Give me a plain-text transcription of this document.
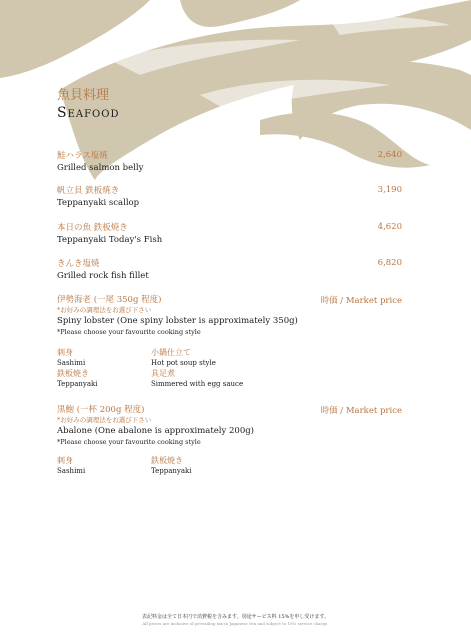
魚貝料理
Seafood
鮭ハラス塩焼
Grilled salmon belly
2,640
帆立貝 鉄板焼き
Teppanyaki scallop
3,190
本日の魚 鉄板焼き
Teppanyaki Today's Fish
4,620
きんき塩焼
Grilled rock fish fillet
6,820
伊勢海老 (一尾 350g 程度)
*お好みの調理法をお選び下さい
Spiny lobster (One spiny lobster is approximately 350g)
*Please choose your favourite cooking style
時価 / Market price
刺身
Sashimi
鉄板焼き
Teppanyaki
小鍋仕立て
Hot pot soup style
具足煮
Simmered with egg sauce
黒鮑 (一杯 200g 程度)
*お好みの調理法をお選び下さい
Abalone (One abalone is approximately 200g)
*Please choose your favourite cooking style
時価 / Market price
刺身
Sashimi
鉄板焼き
Teppanyaki
表記料金は全て日本円で消費税を含みます。別途サービス料 15%を申し受けます。
All prices are inclusive of prevailing tax in Japanese Yen and subject to 15% service charge.
